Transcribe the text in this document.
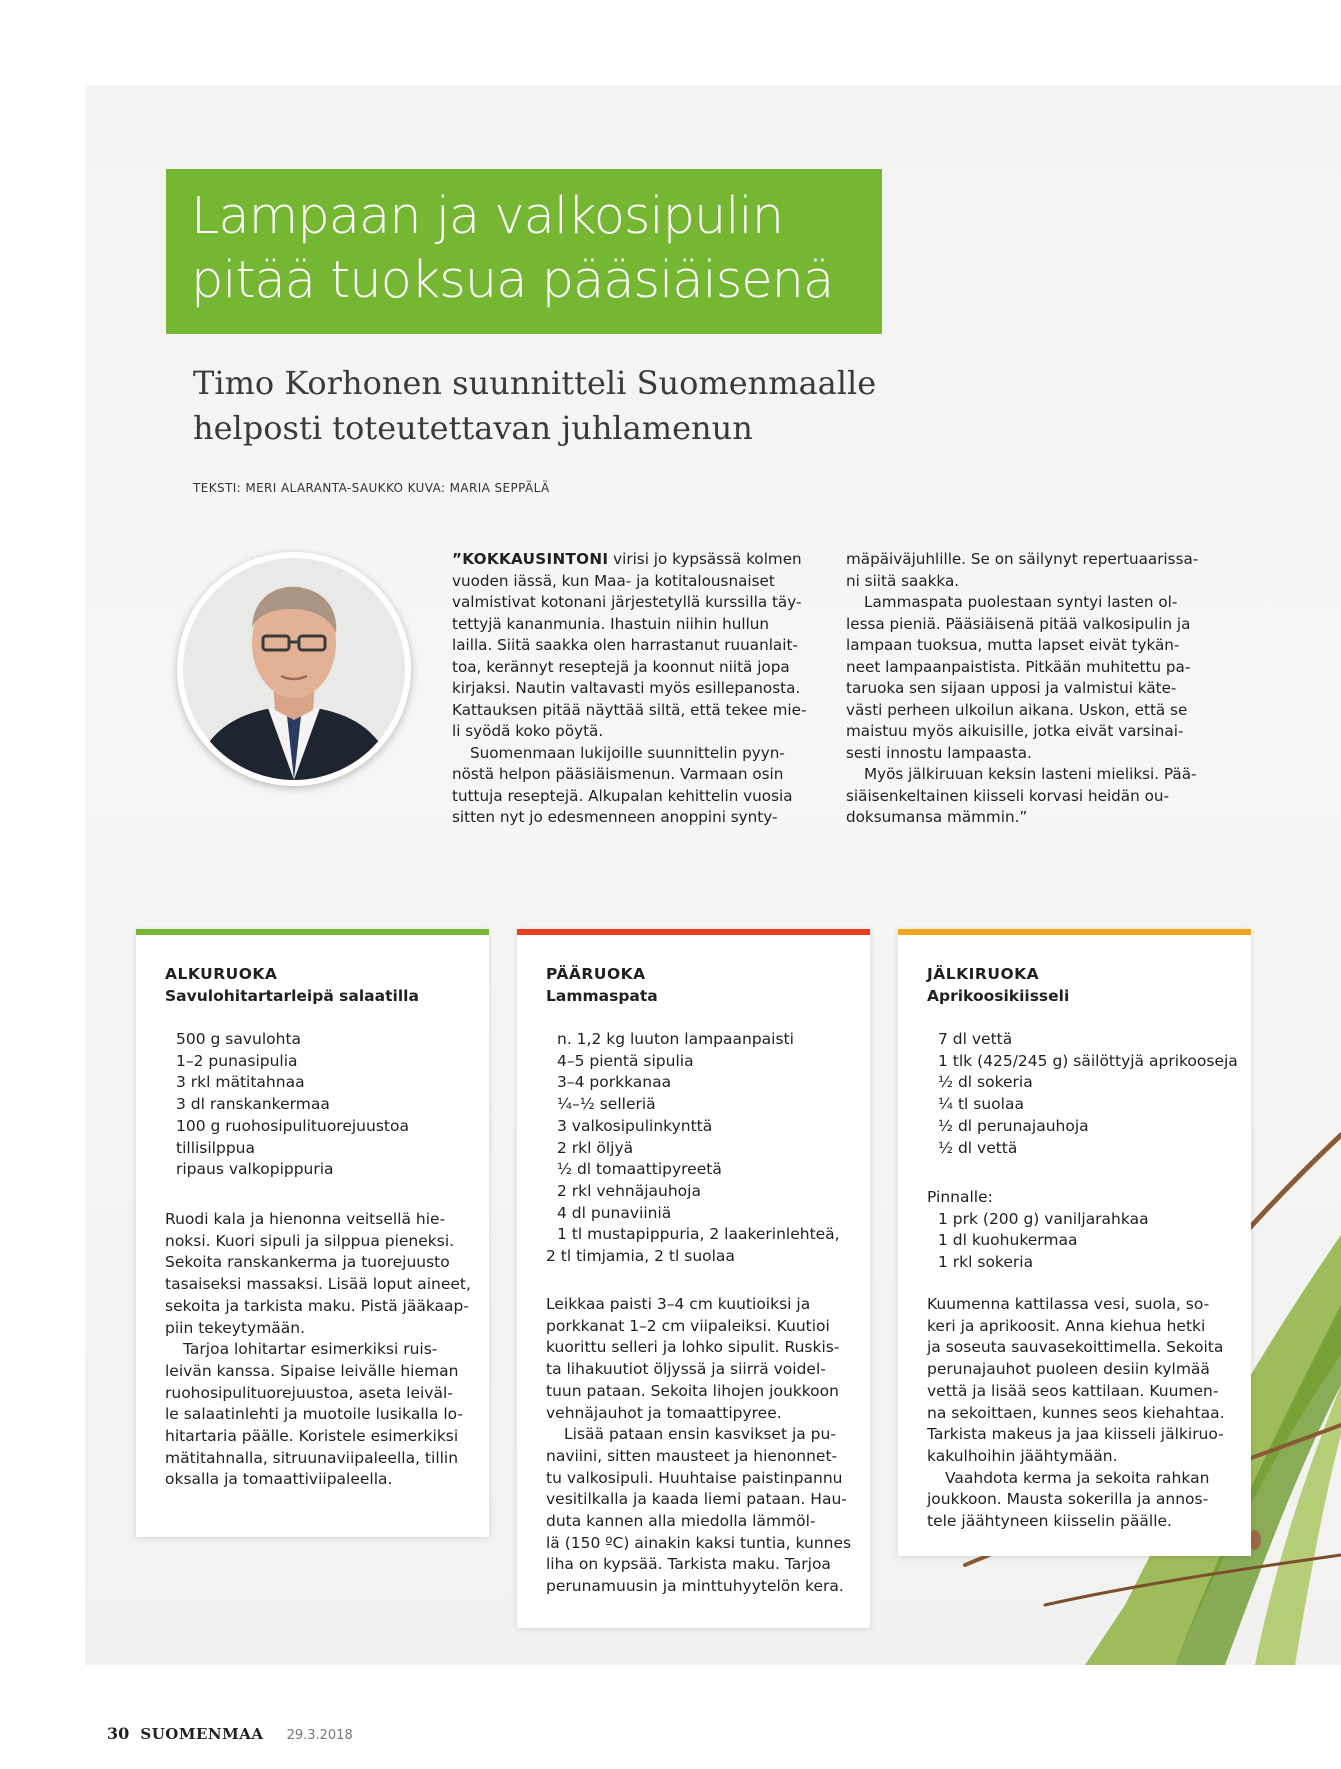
Lampaan ja valkosipulin
pitää tuoksua pääsiäisenä
Timo Korhonen suunnitteli Suomenmaalle
helposti toteutettavan juhlamenun
TEKSTI: MERI ALARANTA-SAUKKO KUVA: MARIA SEPPÄLÄ
”KOKKAUSINTONI virisi jo kypsässä kolmen
vuoden iässä, kun Maa- ja kotitalousnaiset
valmistivat kotonani järjestetyllä kurssilla täy-
tettyjä kananmunia. Ihastuin niihin hullun
lailla. Siitä saakka olen harrastanut ruuanlait-
toa, kerännyt reseptejä ja koonnut niitä jopa
kirjaksi. Nautin valtavasti myös esillepanosta.
Kattauksen pitää näyttää siltä, että tekee mie-
li syödä koko pöytä.
Suomenmaan lukijoille suunnittelin pyyn-
nöstä helpon pääsiäismenun. Varmaan osin
tuttuja reseptejä. Alkupalan kehittelin vuosia
sitten nyt jo edesmenneen anoppini synty-
mäpäiväjuhlille. Se on säilynyt repertuaarissa-
ni siitä saakka.
Lammaspata puolestaan syntyi lasten ol-
lessa pieniä. Pääsiäisenä pitää valkosipulin ja
lampaan tuoksua, mutta lapset eivät tykän-
neet lampaanpaistista. Pitkään muhitettu pa-
taruoka sen sijaan upposi ja valmistui käte-
västi perheen ulkoilun aikana. Uskon, että se
maistuu myös aikuisille, jotka eivät varsinai-
sesti innostu lampaasta.
Myös jälkiruuan keksin lasteni mieliksi. Pää-
siäisenkeltainen kiisseli korvasi heidän ou-
doksumansa mämmin.”
ALKURUOKA
Savulohitartarleipä salaatilla
500 g savulohta
1–2 punasipulia
3 rkl mätitahnaa
3 dl ranskankermaa
100 g ruohosipulituorejuustoa
tillisilppua
ripaus valkopippuria
Ruodi kala ja hienonna veitsellä hie-
noksi. Kuori sipuli ja silppua pieneksi.
Sekoita ranskankerma ja tuorejuusto
tasaiseksi massaksi. Lisää loput aineet,
sekoita ja tarkista maku. Pistä jääkaap-
piin tekeytymään.
Tarjoa lohitartar esimerkiksi ruis-
leivän kanssa. Sipaise leivälle hieman
ruohosipulituorejuustoa, aseta leiväl-
le salaatinlehti ja muotoile lusikalla lo-
hitartaria päälle. Koristele esimerkiksi
mätitahnalla, sitruunaviipaleella, tillin
oksalla ja tomaattiviipaleella.
PÄÄRUOKA
Lammaspata
n. 1,2 kg luuton lampaanpaisti
4–5 pientä sipulia
3–4 porkkanaa
¼–½ selleriä
3 valkosipulinkynttä
2 rkl öljyä
½ dl tomaattipyreetä
2 rkl vehnäjauhoja
4 dl punaviiniä
1 tl mustapippuria, 2 laakerinlehteä,
2 tl timjamia, 2 tl suolaa
Leikkaa paisti 3–4 cm kuutioiksi ja
porkkanat 1–2 cm viipaleiksi. Kuutioi
kuorittu selleri ja lohko sipulit. Ruskis-
ta lihakuutiot öljyssä ja siirrä voidel-
tuun pataan. Sekoita lihojen joukkoon
vehnäjauhot ja tomaattipyree.
Lisää pataan ensin kasvikset ja pu-
naviini, sitten mausteet ja hienonnet-
tu valkosipuli. Huuhtaise paistinpannu
vesitilkalla ja kaada liemi pataan. Hau-
duta kannen alla miedolla lämmöl-
lä (150 ºC) ainakin kaksi tuntia, kunnes
liha on kypsää. Tarkista maku. Tarjoa
perunamuusin ja minttuhyytelön kera.
JÄLKIRUOKA
Aprikoosikiisseli
7 dl vettä
1 tlk (425/245 g) säilöttyjä aprikooseja
½ dl sokeria
¼ tl suolaa
½ dl perunajauhoja
½ dl vettä
Pinnalle:
1 prk (200 g) vaniljarahkaa
1 dl kuohukermaa
1 rkl sokeria
Kuumenna kattilassa vesi, suola, so-
keri ja aprikoosit. Anna kiehua hetki
ja soseuta sauvasekoittimella. Sekoita
perunajauhot puoleen desiin kylmää
vettä ja lisää seos kattilaan. Kuumen-
na sekoittaen, kunnes seos kiehahtaa.
Tarkista makeus ja jaa kiisseli jälkiruo-
kakulhoihin jäähtymään.
Vaahdota kerma ja sekoita rahkan
joukkoon. Mausta sokerilla ja annos-
tele jäähtyneen kiisselin päälle.
30 SUOMENMAA 29.3.2018
